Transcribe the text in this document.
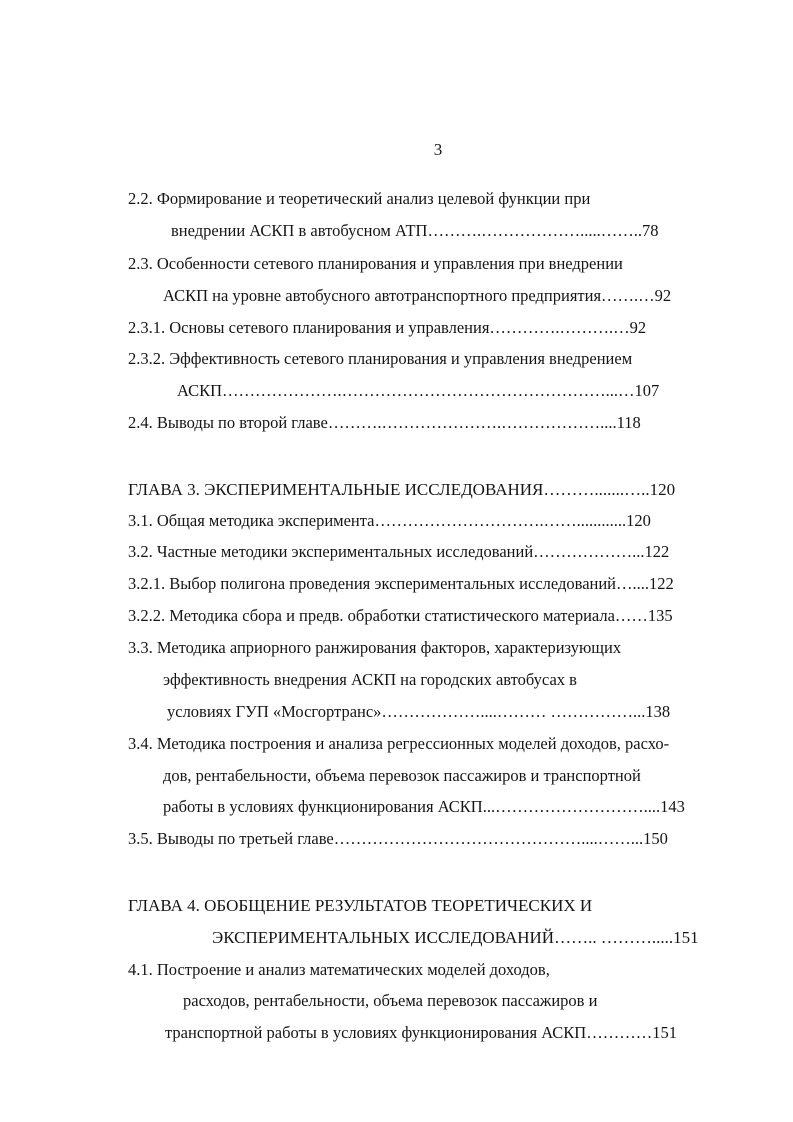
3
2.2. Формирование и теоретический анализ целевой функции при
внедрении АСКП в автобусном АТП……….……………….....……..78
2.3. Особенности сетевого планирования и управления при внедрении
АСКП на уровне автобусного автотранспортного предприятия…….…92
2.3.1. Основы сетевого планирования и управления………….……….…92
2.3.2. Эффективность сетевого планирования и управления внедрением
АСКП………………….…………………………………………...…107
2.4. Выводы по второй главе……….………………….………………....118
ГЛАВА 3. ЭКСПЕРИМЕНТАЛЬНЫЕ ИССЛЕДОВАНИЯ……….......…..120
3.1. Общая методика эксперимента………………………….……............120
3.2. Частные методики экспериментальных исследований………………...122
3.2.1. Выбор полигона проведения экспериментальных исследований…....122
3.2.2. Методика сбора и предв. обработки статистического материала……135
3.3. Методика априорного ранжирования факторов, характеризующих
эффективность внедрения АСКП на городских автобусах в
условиях ГУП «Мосгортранс»………………....……… ……………...138
3.4. Методика построения и анализа регрессионных моделей доходов, расхо-
дов, рентабельности, объема перевозок пассажиров и транспортной
работы в условиях функционирования АСКП...………………………....143
3.5. Выводы по третьей главе………………………………………....……...150
ГЛАВА 4. ОБОБЩЕНИЕ РЕЗУЛЬТАТОВ ТЕОРЕТИЧЕСКИХ И
ЭКСПЕРИМЕНТАЛЬНЫХ ИССЛЕДОВАНИЙ…….. ……….....151
4.1. Построение и анализ математических моделей доходов,
расходов, рентабельности, объема перевозок пассажиров и
транспортной работы в условиях функционирования АСКП…………151
